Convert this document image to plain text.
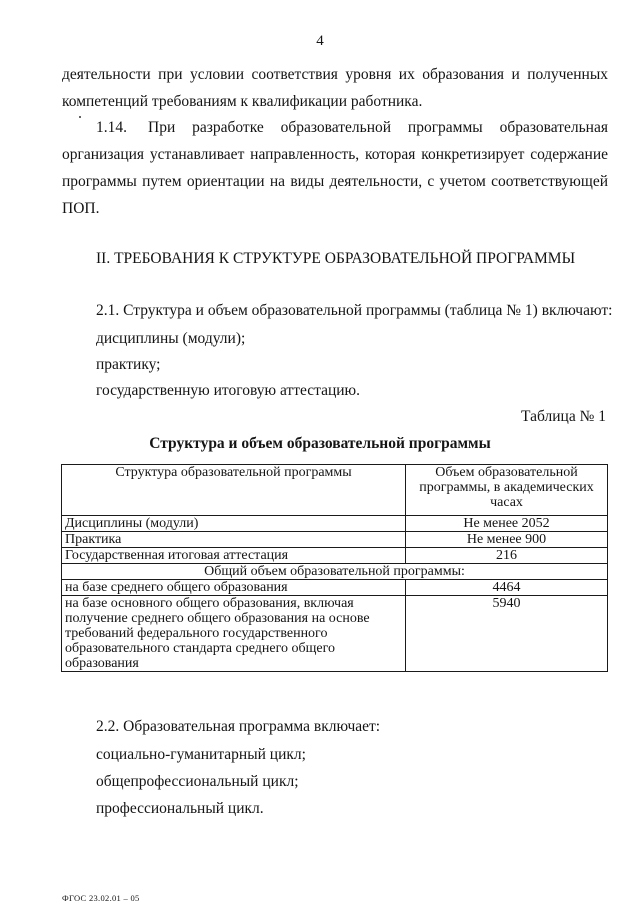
4
деятельности при условии соответствия уровня их образования и полученных
компетенций требованиям к квалификации работника.
1.14. При разработке образовательной программы образовательная
организация устанавливает направленность, которая конкретизирует содержание
программы путем ориентации на виды деятельности, с учетом соответствующей
ПОП.
II. ТРЕБОВАНИЯ К СТРУКТУРЕ ОБРАЗОВАТЕЛЬНОЙ ПРОГРАММЫ
2.1. Структура и объем образовательной программы (таблица № 1) включают:
дисциплины (модули);
практику;
государственную итоговую аттестацию.
Таблица № 1
Структура и объем образовательной программы
Структура образовательной программы	Объем образовательной программы, в академических часах
Дисциплины (модули)	Не менее 2052
Практика	Не менее 900
Государственная итоговая аттестация	216
Общий объем образовательной программы:	
на базе среднего общего образования	4464
на базе основного общего образования, включая получение среднего общего образования на основе требований федерального государственного образовательного стандарта среднего общего образования	5940
2.2. Образовательная программа включает:
социально-гуманитарный цикл;
общепрофессиональный цикл;
профессиональный цикл.
ФГОС 23.02.01 – 05
